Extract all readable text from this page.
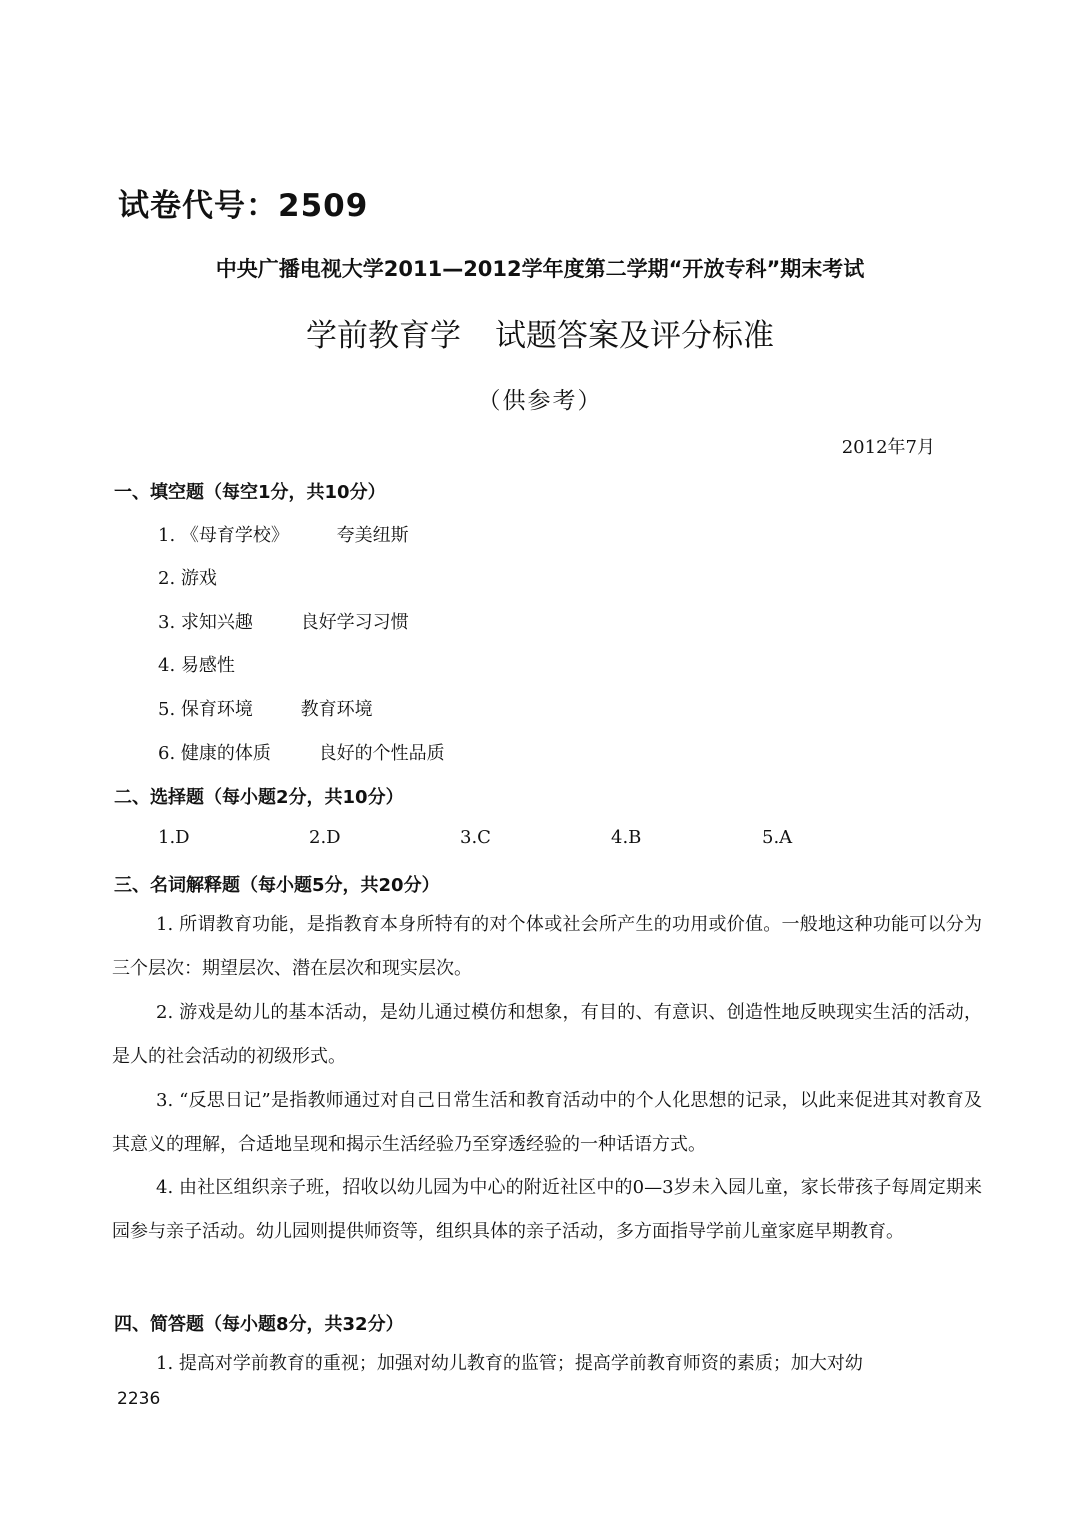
试卷代号：2509
中央广播电视大学2011—2012学年度第二学期“开放专科”期末考试
学前教育学 试题答案及评分标准
（供参考）
2012年7月
一、填空题（每空1分，共10分）
1. 《母育学校》	夸美纽斯
2. 游戏
3. 求知兴趣	良好学习习惯
4. 易感性
5. 保育环境	教育环境
6. 健康的体质	良好的个性品质
二、选择题（每小题2分，共10分）
1.D	2.D	3.C	4.B	5.A
三、名词解释题（每小题5分，共20分）
1. 所谓教育功能，是指教育本身所特有的对个体或社会所产生的功用或价值。一般地这种功能可以分为三个层次：期望层次、潜在层次和现实层次。
2. 游戏是幼儿的基本活动，是幼儿通过模仿和想象，有目的、有意识、创造性地反映现实生活的活动，是人的社会活动的初级形式。
3. “反思日记”是指教师通过对自己日常生活和教育活动中的个人化思想的记录，以此来促进其对教育及其意义的理解，合适地呈现和揭示生活经验乃至穿透经验的一种话语方式。
4. 由社区组织亲子班，招收以幼儿园为中心的附近社区中的0—3岁未入园儿童，家长带孩子每周定期来园参与亲子活动。幼儿园则提供师资等，组织具体的亲子活动，多方面指导学前儿童家庭早期教育。
四、简答题（每小题8分，共32分）
1. 提高对学前教育的重视；加强对幼儿教育的监管；提高学前教育师资的素质；加大对幼
2236
